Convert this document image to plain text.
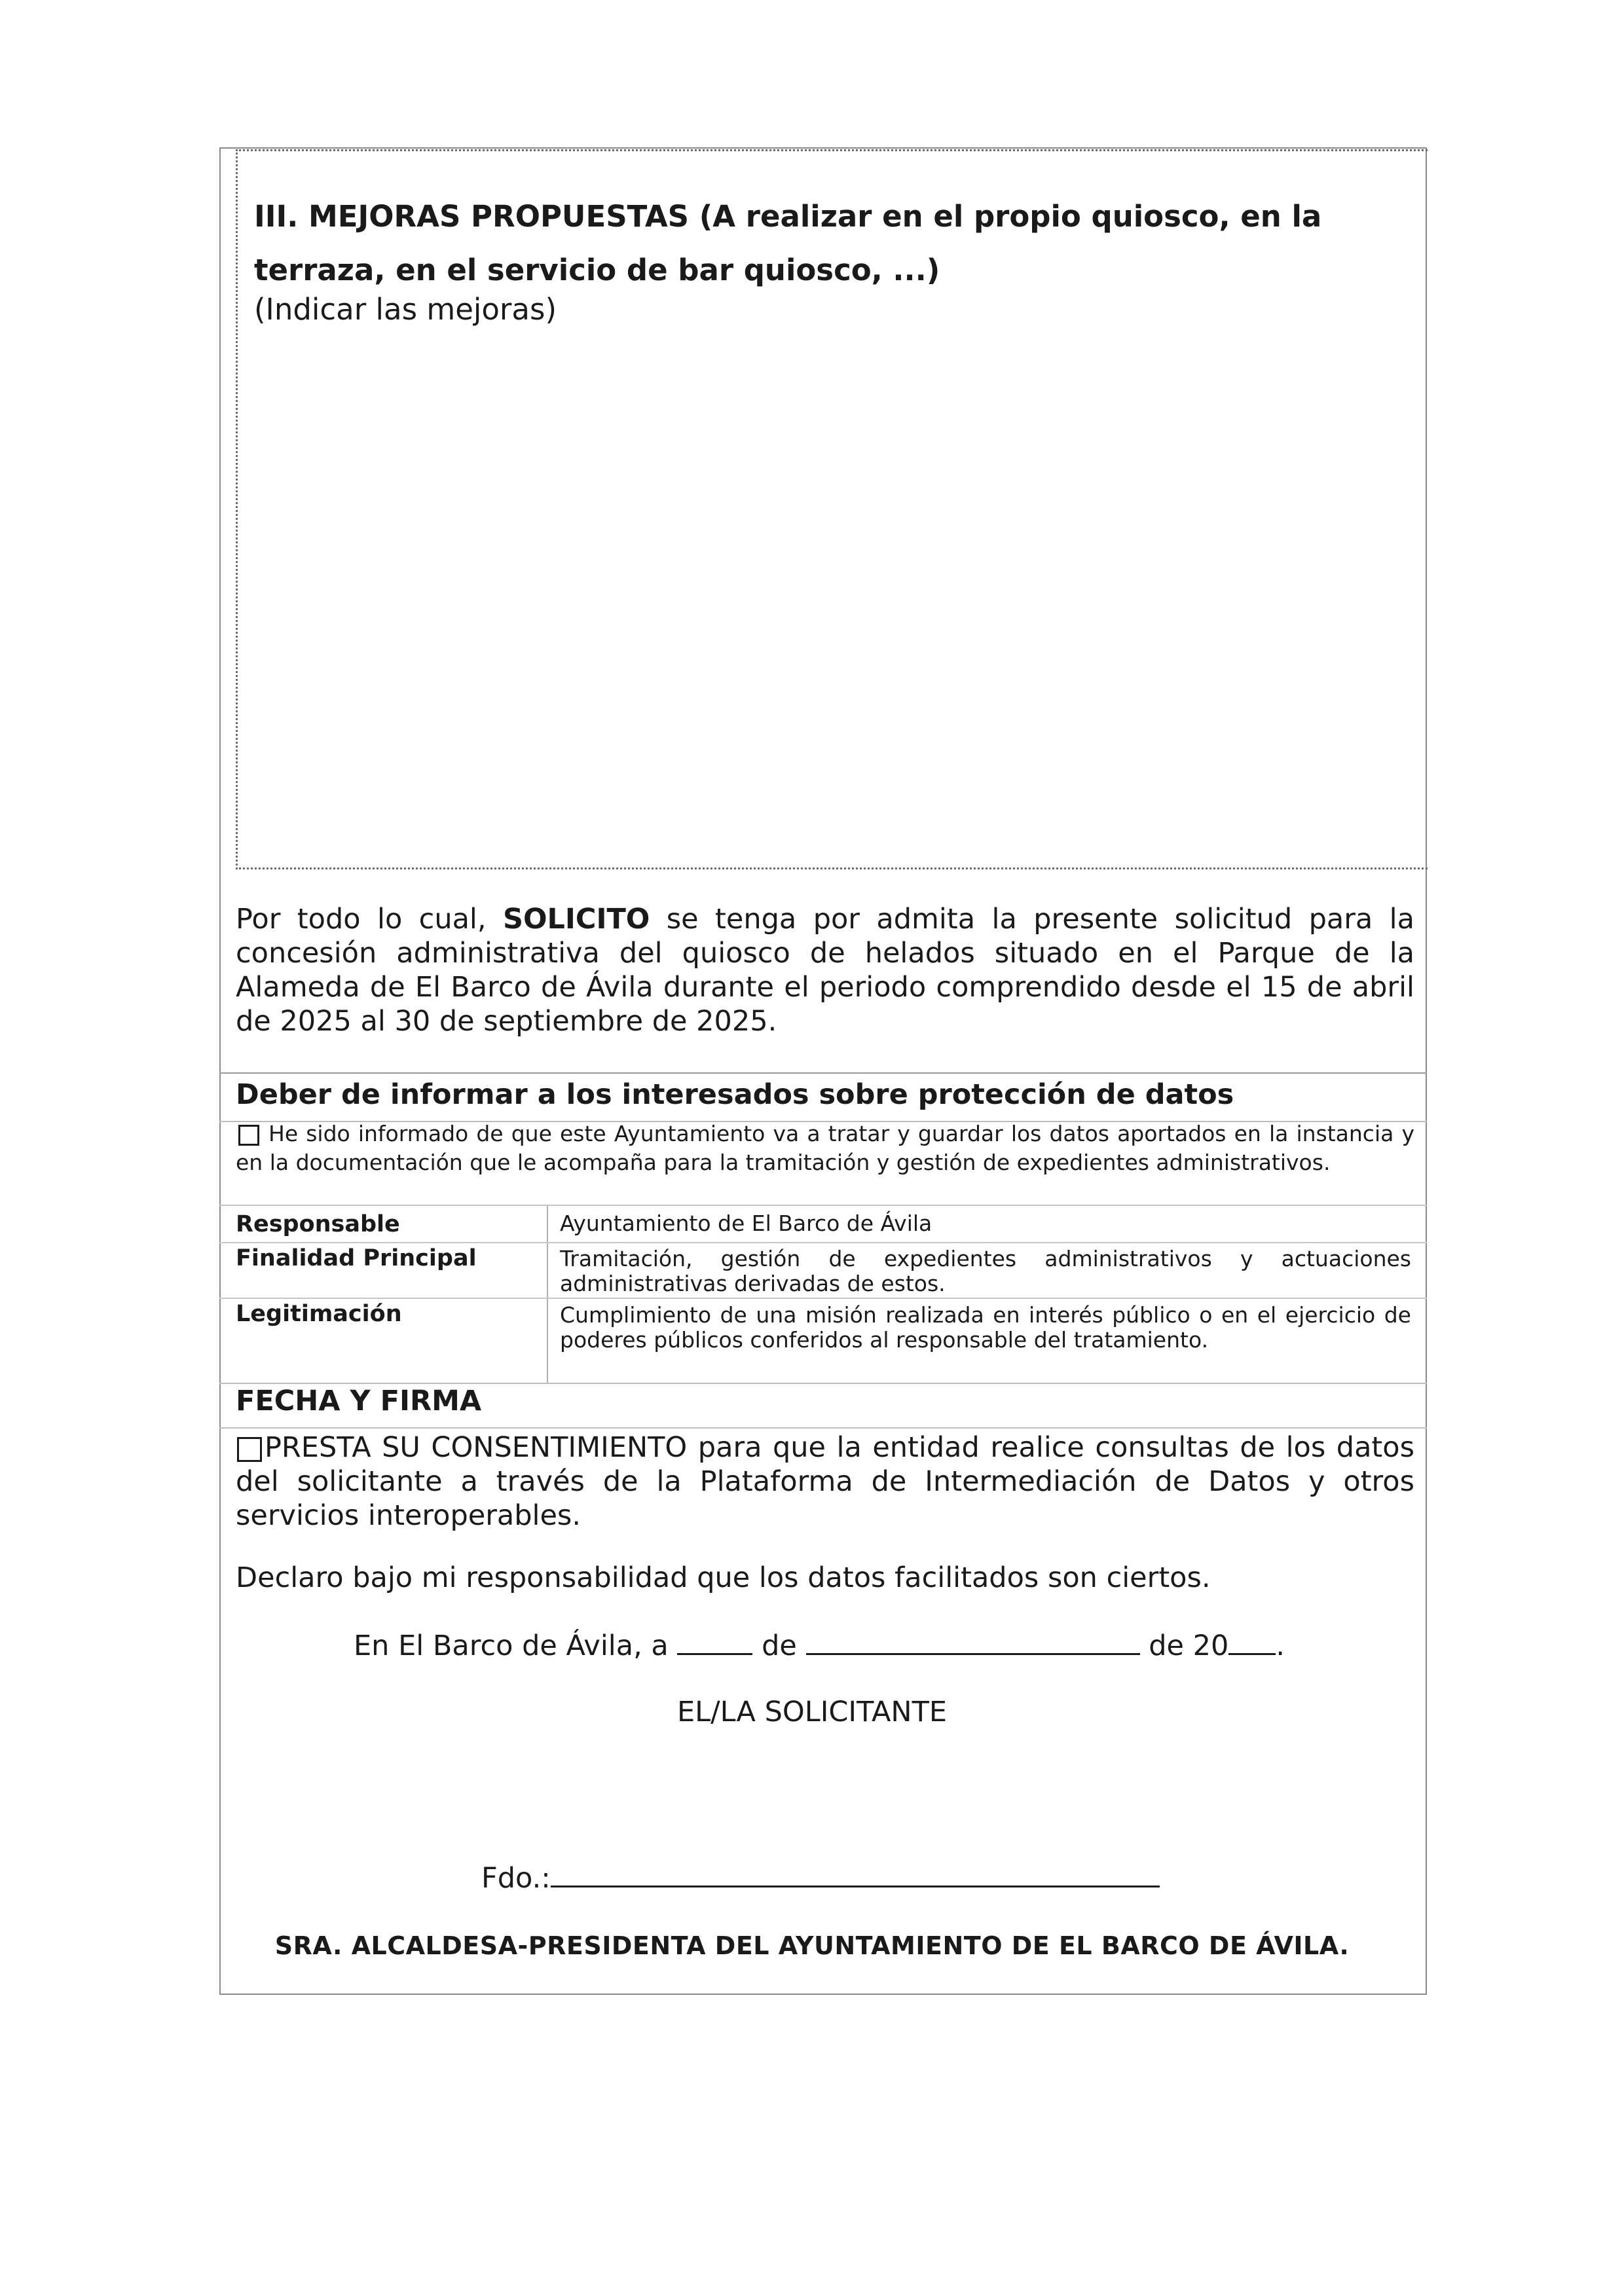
III. MEJORAS PROPUESTAS (A realizar en el propio quiosco, en la terraza, en el servicio de bar quiosco, ...)
(Indicar las mejoras)
Por todo lo cual, SOLICITO se tenga por admita la presente solicitud para la concesión administrativa del quiosco de helados situado en el Parque de la Alameda de El Barco de Ávila durante el periodo comprendido desde el 15 de abril de 2025 al 30 de septiembre de 2025.
Deber de informar a los interesados sobre protección de datos
He sido informado de que este Ayuntamiento va a tratar y guardar los datos aportados en la instancia y en la documentación que le acompaña para la tramitación y gestión de expedientes administrativos.
Responsable	Ayuntamiento de El Barco de Ávila
Finalidad Principal	Tramitación, gestión de expedientes administrativos y actuaciones administrativas derivadas de estos.
Legitimación	Cumplimiento de una misión realizada en interés público o en el ejercicio de poderes públicos conferidos al responsable del tratamiento.
FECHA Y FIRMA
PRESTA SU CONSENTIMIENTO para que la entidad realice consultas de los datos del solicitante a través de la Plataforma de Intermediación de Datos y otros servicios interoperables.
Declaro bajo mi responsabilidad que los datos facilitados son ciertos.
En El Barco de Ávila, a	de	de 20 .
EL/LA SOLICITANTE
Fdo.:
SRA. ALCALDESA-PRESIDENTA DEL AYUNTAMIENTO DE EL BARCO DE ÁVILA.
